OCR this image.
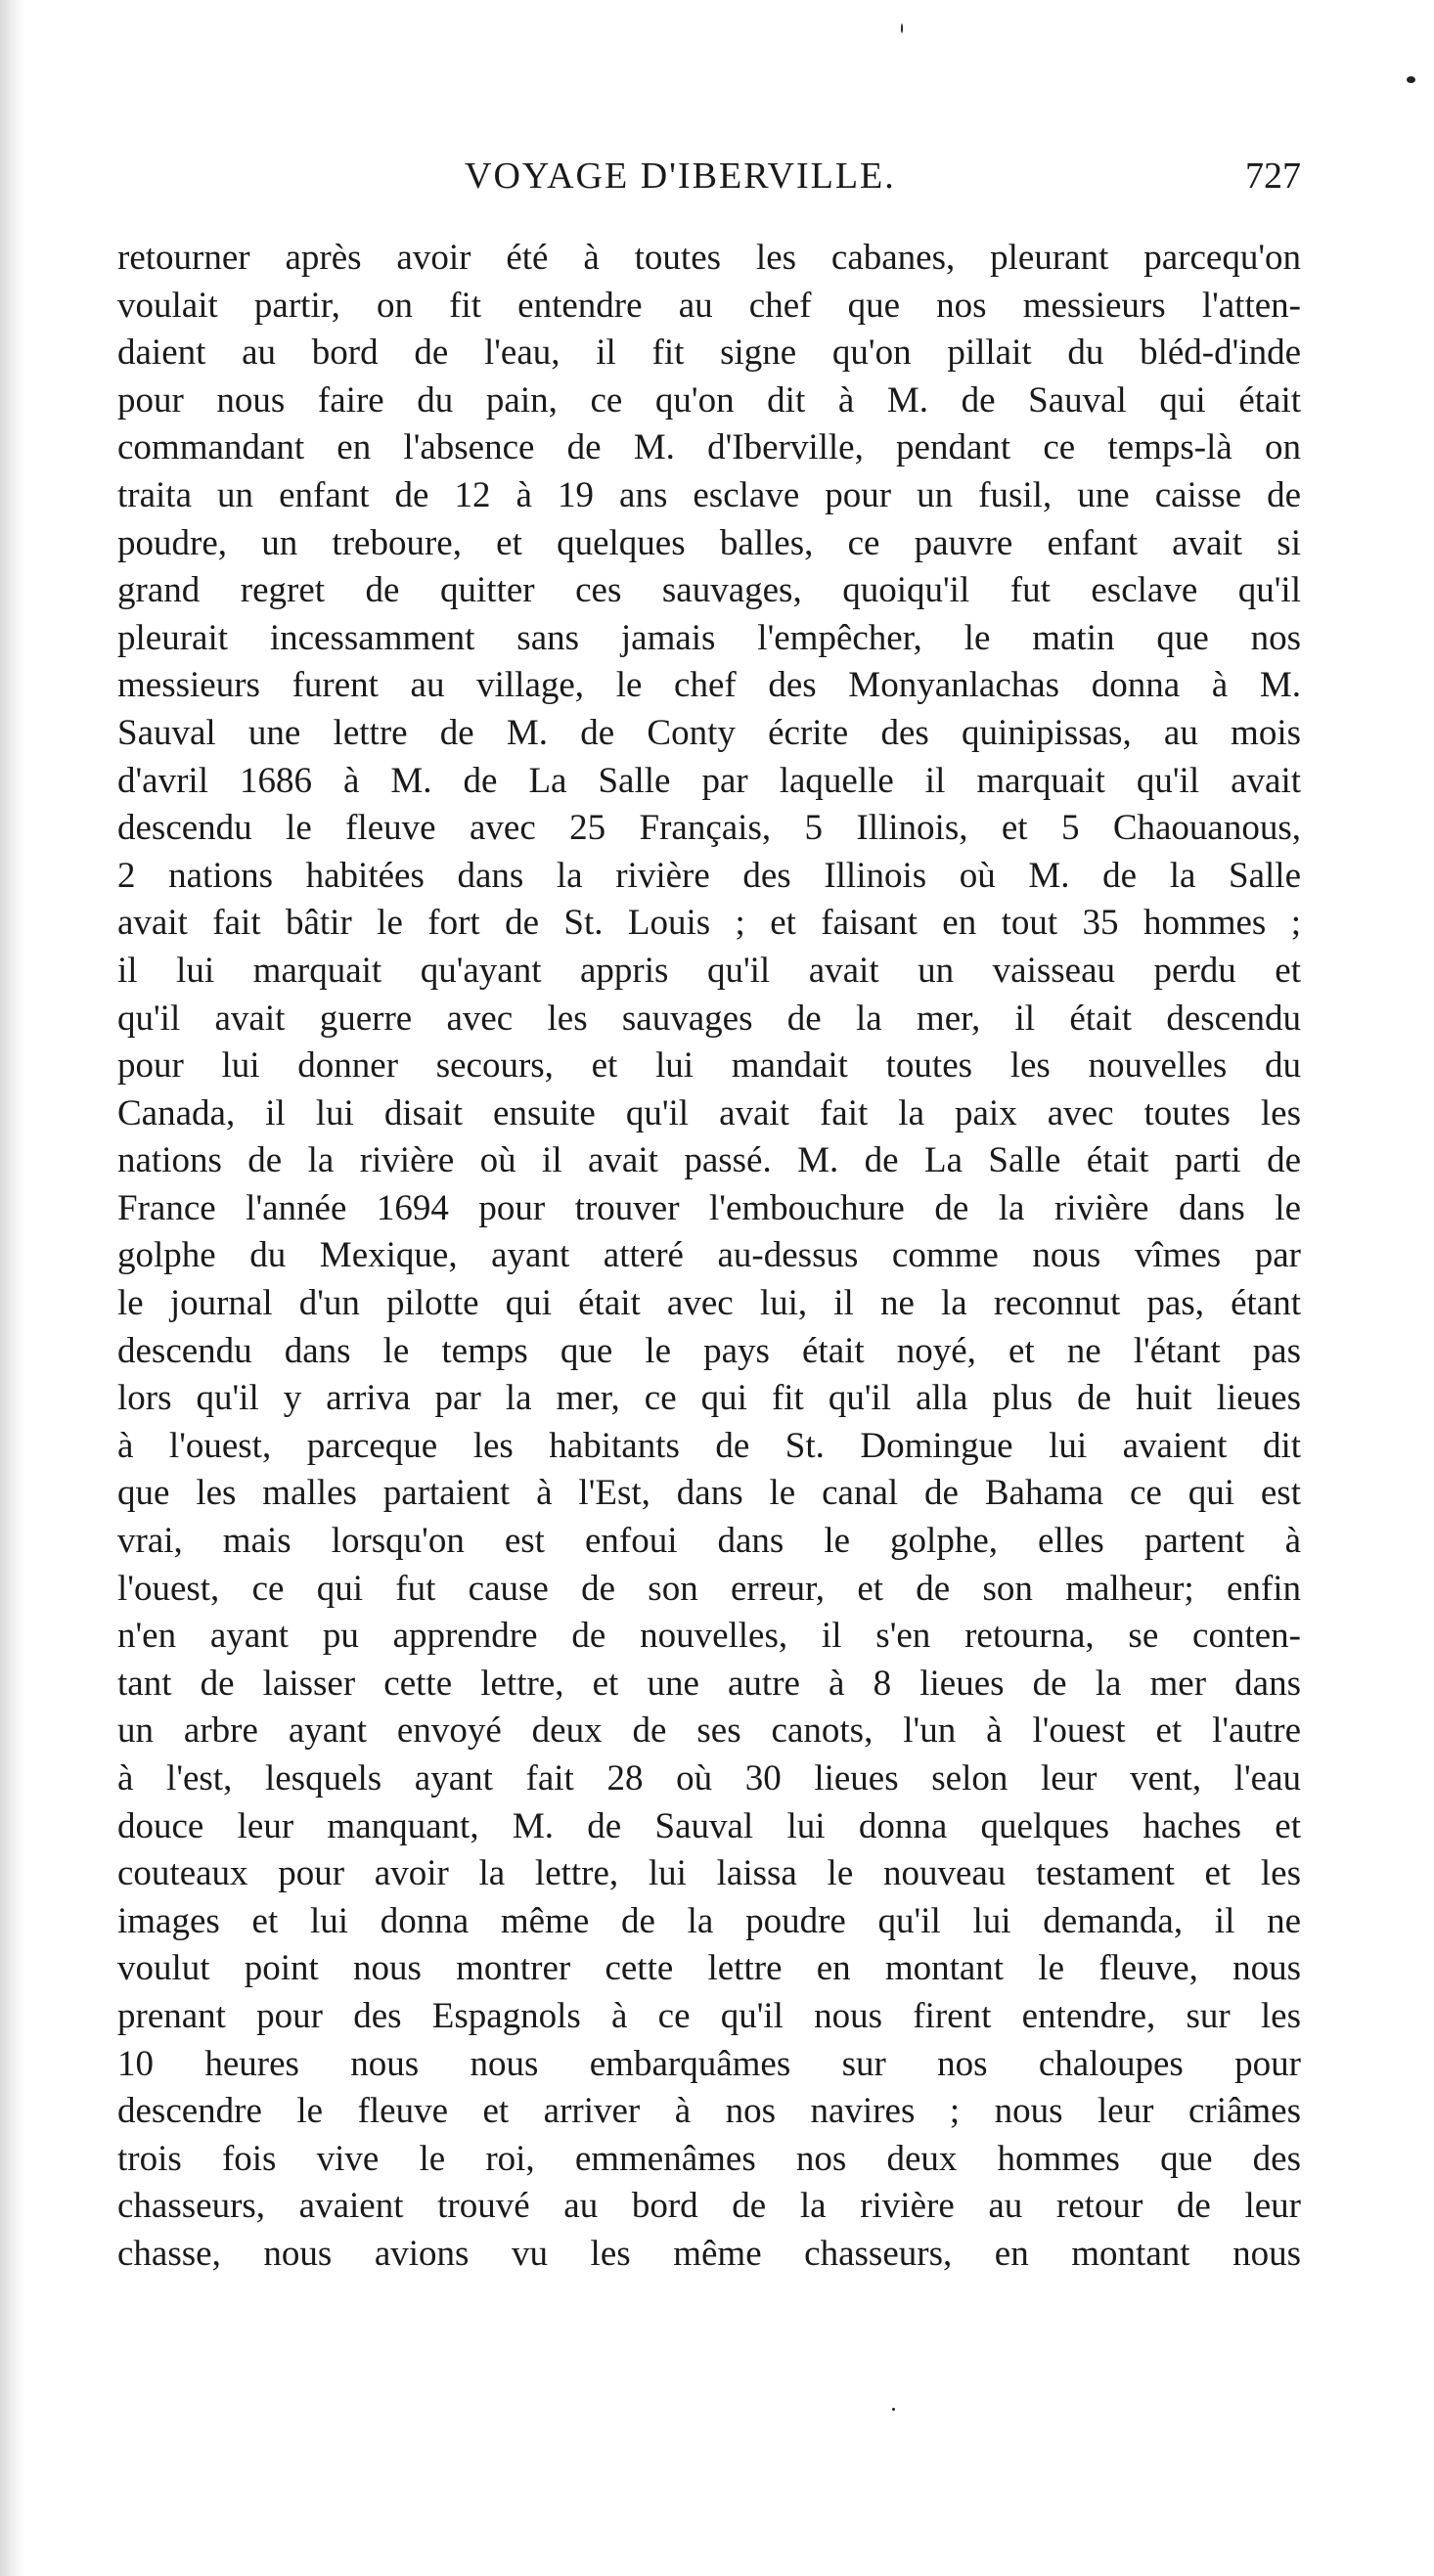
VOYAGE D'IBERVILLE.	727
retourner après avoir été à toutes les cabanes, pleurant parcequ'on
voulait partir, on fit entendre au chef que nos messieurs l'atten-
daient au bord de l'eau, il fit signe qu'on pillait du bléd-d'inde
pour nous faire du pain, ce qu'on dit à M. de Sauval qui était
commandant en l'absence de M. d'Iberville, pendant ce temps-là on
traita un enfant de 12 à 19 ans esclave pour un fusil, une caisse de
poudre, un treboure, et quelques balles, ce pauvre enfant avait si
grand regret de quitter ces sauvages, quoiqu'il fut esclave qu'il
pleurait incessamment sans jamais l'empêcher, le matin que nos
messieurs furent au village, le chef des Monyanlachas donna à M.
Sauval une lettre de M. de Conty écrite des quinipissas, au mois
d'avril 1686 à M. de La Salle par laquelle il marquait qu'il avait
descendu le fleuve avec 25 Français, 5 Illinois, et 5 Chaouanous,
2 nations habitées dans la rivière des Illinois où M. de la Salle
avait fait bâtir le fort de St. Louis ; et faisant en tout 35 hommes ;
il lui marquait qu'ayant appris qu'il avait un vaisseau perdu et
qu'il avait guerre avec les sauvages de la mer, il était descendu
pour lui donner secours, et lui mandait toutes les nouvelles du
Canada, il lui disait ensuite qu'il avait fait la paix avec toutes les
nations de la rivière où il avait passé. M. de La Salle était parti de
France l'année 1694 pour trouver l'embouchure de la rivière dans le
golphe du Mexique, ayant atteré au-dessus comme nous vîmes par
le journal d'un pilotte qui était avec lui, il ne la reconnut pas, étant
descendu dans le temps que le pays était noyé, et ne l'étant pas
lors qu'il y arriva par la mer, ce qui fit qu'il alla plus de huit lieues
à l'ouest, parceque les habitants de St. Domingue lui avaient dit
que les malles partaient à l'Est, dans le canal de Bahama ce qui est
vrai, mais lorsqu'on est enfoui dans le golphe, elles partent à
l'ouest, ce qui fut cause de son erreur, et de son malheur; enfin
n'en ayant pu apprendre de nouvelles, il s'en retourna, se conten-
tant de laisser cette lettre, et une autre à 8 lieues de la mer dans
un arbre ayant envoyé deux de ses canots, l'un à l'ouest et l'autre
à l'est, lesquels ayant fait 28 où 30 lieues selon leur vent, l'eau
douce leur manquant, M. de Sauval lui donna quelques haches et
couteaux pour avoir la lettre, lui laissa le nouveau testament et les
images et lui donna même de la poudre qu'il lui demanda, il ne
voulut point nous montrer cette lettre en montant le fleuve, nous
prenant pour des Espagnols à ce qu'il nous firent entendre, sur les
10 heures nous nous embarquâmes sur nos chaloupes pour
descendre le fleuve et arriver à nos navires ; nous leur criâmes
trois fois vive le roi, emmenâmes nos deux hommes que des
chasseurs, avaient trouvé au bord de la rivière au retour de leur
chasse, nous avions vu les même chasseurs, en montant nous
